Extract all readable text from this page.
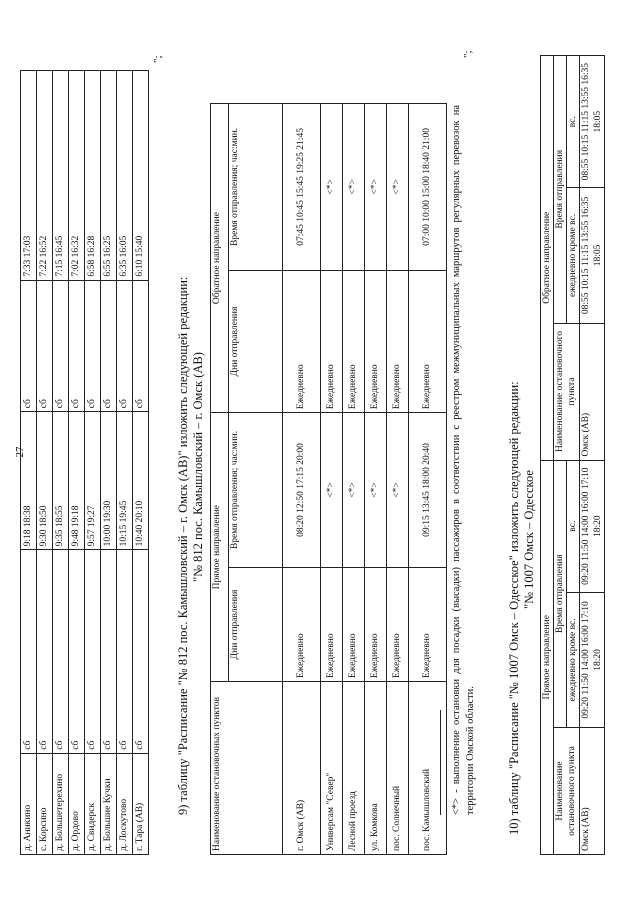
27
д. Аникино	сб	9:18 18:38	сб	7:33 17:03
с. Корсино	сб	9:30 18:50	сб	7:22 16:52
д. Большетерехино	сб	9:35 18:55	сб	7:15 16:45
д. Ордово	сб	9:48 19:18	сб	7:02 16:32
д. Свидерск	сб	9:57 19:27	сб	6:58 16:28
д. Большие Кучки	сб	10:00 19:30	сб	6:55 16:25
д. Лоскутово	сб	10:15 19:45	сб	6:35 16:05
г. Тара (АВ)	сб	10:40 20:10	сб	6:10 15:40
";
9) таблицу "Расписание "№ 812 пос. Камышловский – г. Омск (АВ)" изложить следующей редакции: "№ 812 пос. Камышловский – г. Омск (АВ)
Наименование остановочных пунктов	Прямое направление		Обратное направление	
	Дни отправления	Время отправления; час:мин.	Дни отправления	Время отправления; час:мин.
г. Омск (АВ)	Ежедневно	08:20 12:50 17:15 20:00	Ежедневно	07:45 10:45 15:45 19:25 21:45
Универсам "Север"	Ежедневно	<*>	Ежедневно	<*>
Лесной проезд	Ежедневно	<*>	Ежедневно	<*>
ул. Комкова	Ежедневно	<*>	Ежедневно	<*>
пос. Солнечный	Ежедневно	<*>	Ежедневно	<*>
пос. Камышловский	Ежедневно	09:15 13:45 18:00 20:40	Ежедневно	07:00 10:00 15:00 18:40 21:00 <*> - выполнение остановки для посадки (высадки) пассажиров в соответствии с реестром межмуниципальных маршрутов регулярных перевозок на территории Омской области.
";
10) таблицу "Расписание "№ 1007 Омск – Одесское" изложить следующей редакции: "№ 1007 Омск – Одесское
Прямое направление			Обратное направление		
Наименование остановочного пункта	Время отправления		Наименование остановочного пункта	Время отправления	
	ежедневно кроме вс.	вс.		ежедневно кроме вс.	вс.
Омск (АВ)	09:20 11:50 14:00 16:00 17:10 18:20	09:20 11:50 14:00 16:00 17:10 18:20	Омск (АВ)	08:55 10:15 11:15 13:55 16:35 18:05	08:55 10:15 11:15 13:55 16:35 18:05
